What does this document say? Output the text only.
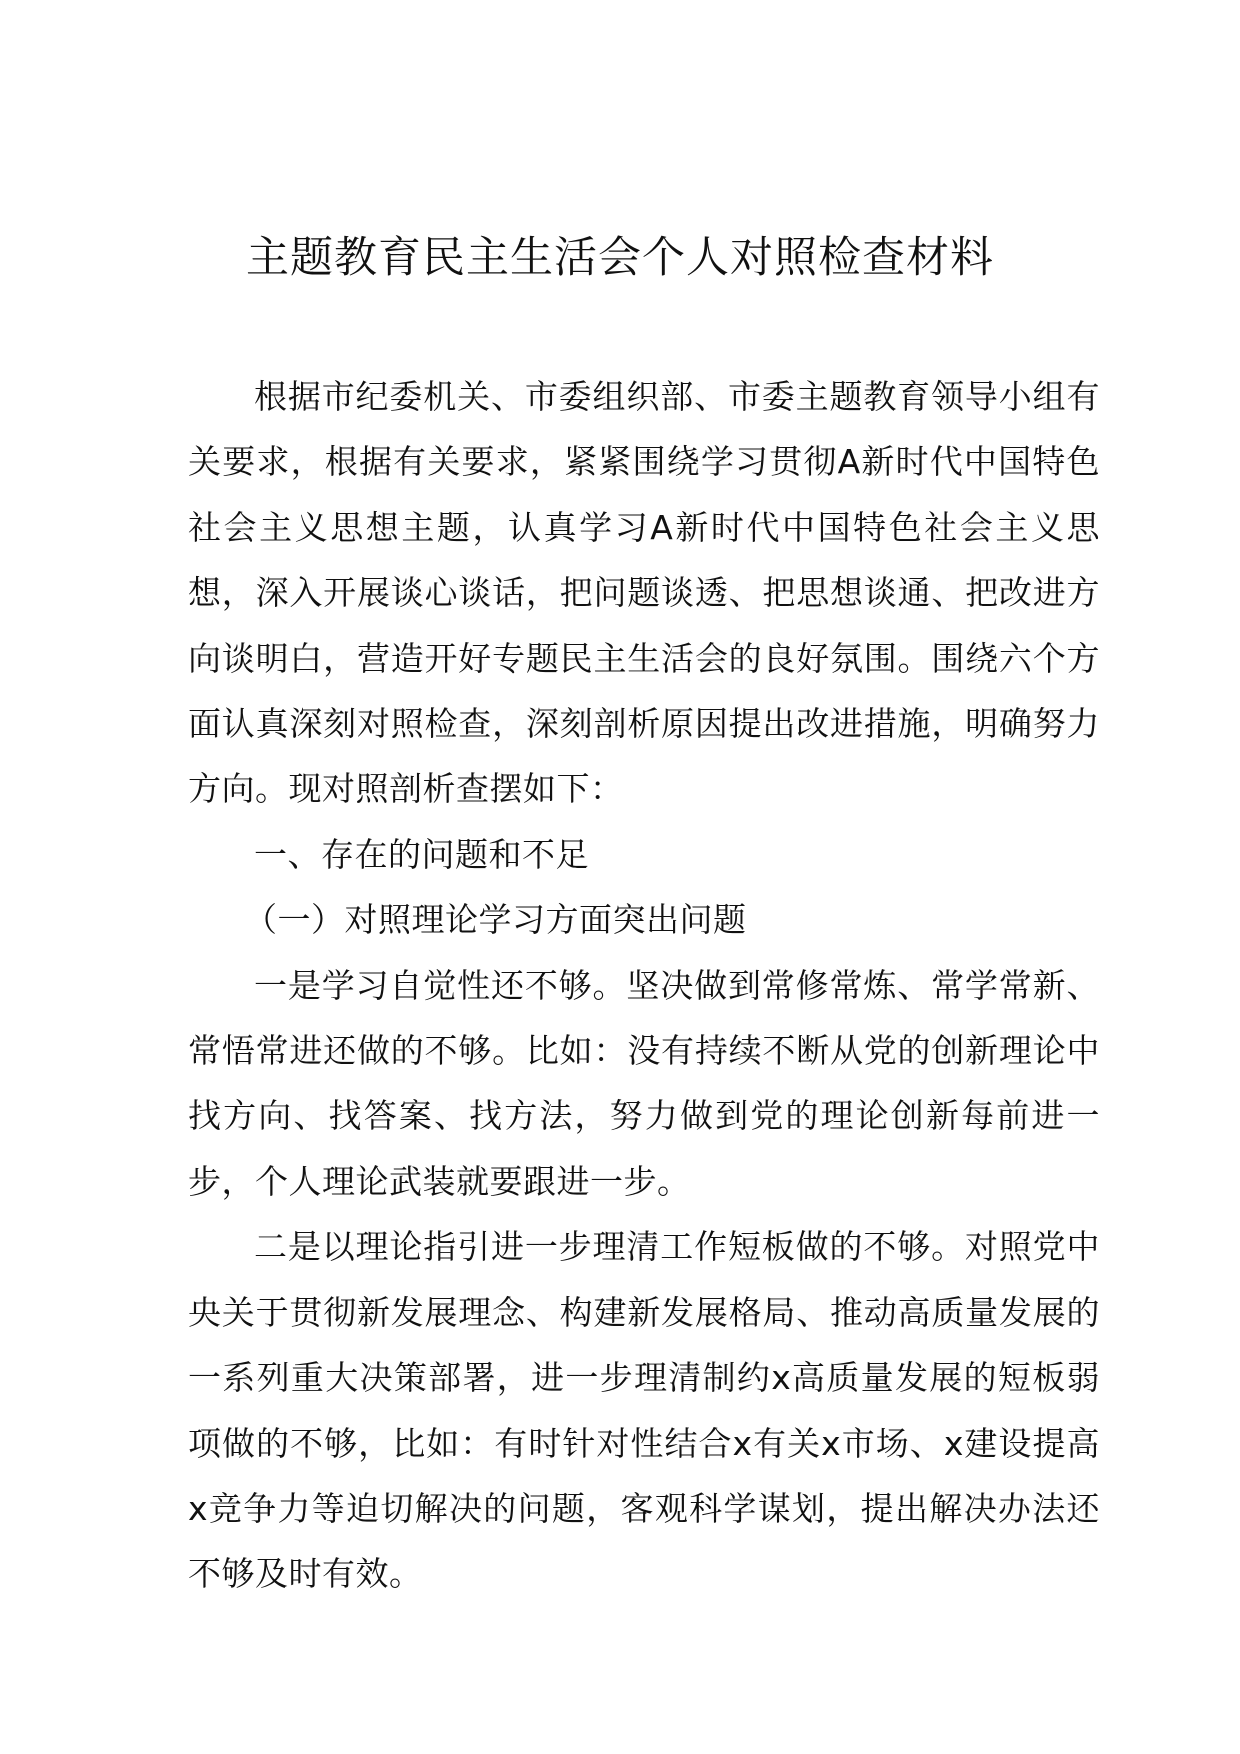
主题教育民主生活会个人对照检查材料

根据市纪委机关、市委组织部、市委主题教育领导小组有关要求，根据有关要求，紧紧围绕学习贯彻A新时代中国特色社会主义思想主题，认真学习A新时代中国特色社会主义思想，深入开展谈心谈话，把问题谈透、把思想谈通、把改进方向谈明白，营造开好专题民主生活会的良好氛围。围绕六个方面认真深刻对照检查，深刻剖析原因提出改进措施，明确努力方向。现对照剖析查摆如下：

一、存在的问题和不足

（一）对照理论学习方面突出问题

一是学习自觉性还不够。坚决做到常修常炼、常学常新、常悟常进还做的不够。比如：没有持续不断从党的创新理论中找方向、找答案、找方法，努力做到党的理论创新每前进一步，个人理论武装就要跟进一步。

二是以理论指引进一步理清工作短板做的不够。对照党中央关于贯彻新发展理念、构建新发展格局、推动高质量发展的一系列重大决策部署，进一步理清制约x高质量发展的短板弱项做的不够，比如：有时针对性结合x有关x市场、x建设提高x竞争力等迫切解决的问题，客观科学谋划，提出解决办法还不够及时有效。
